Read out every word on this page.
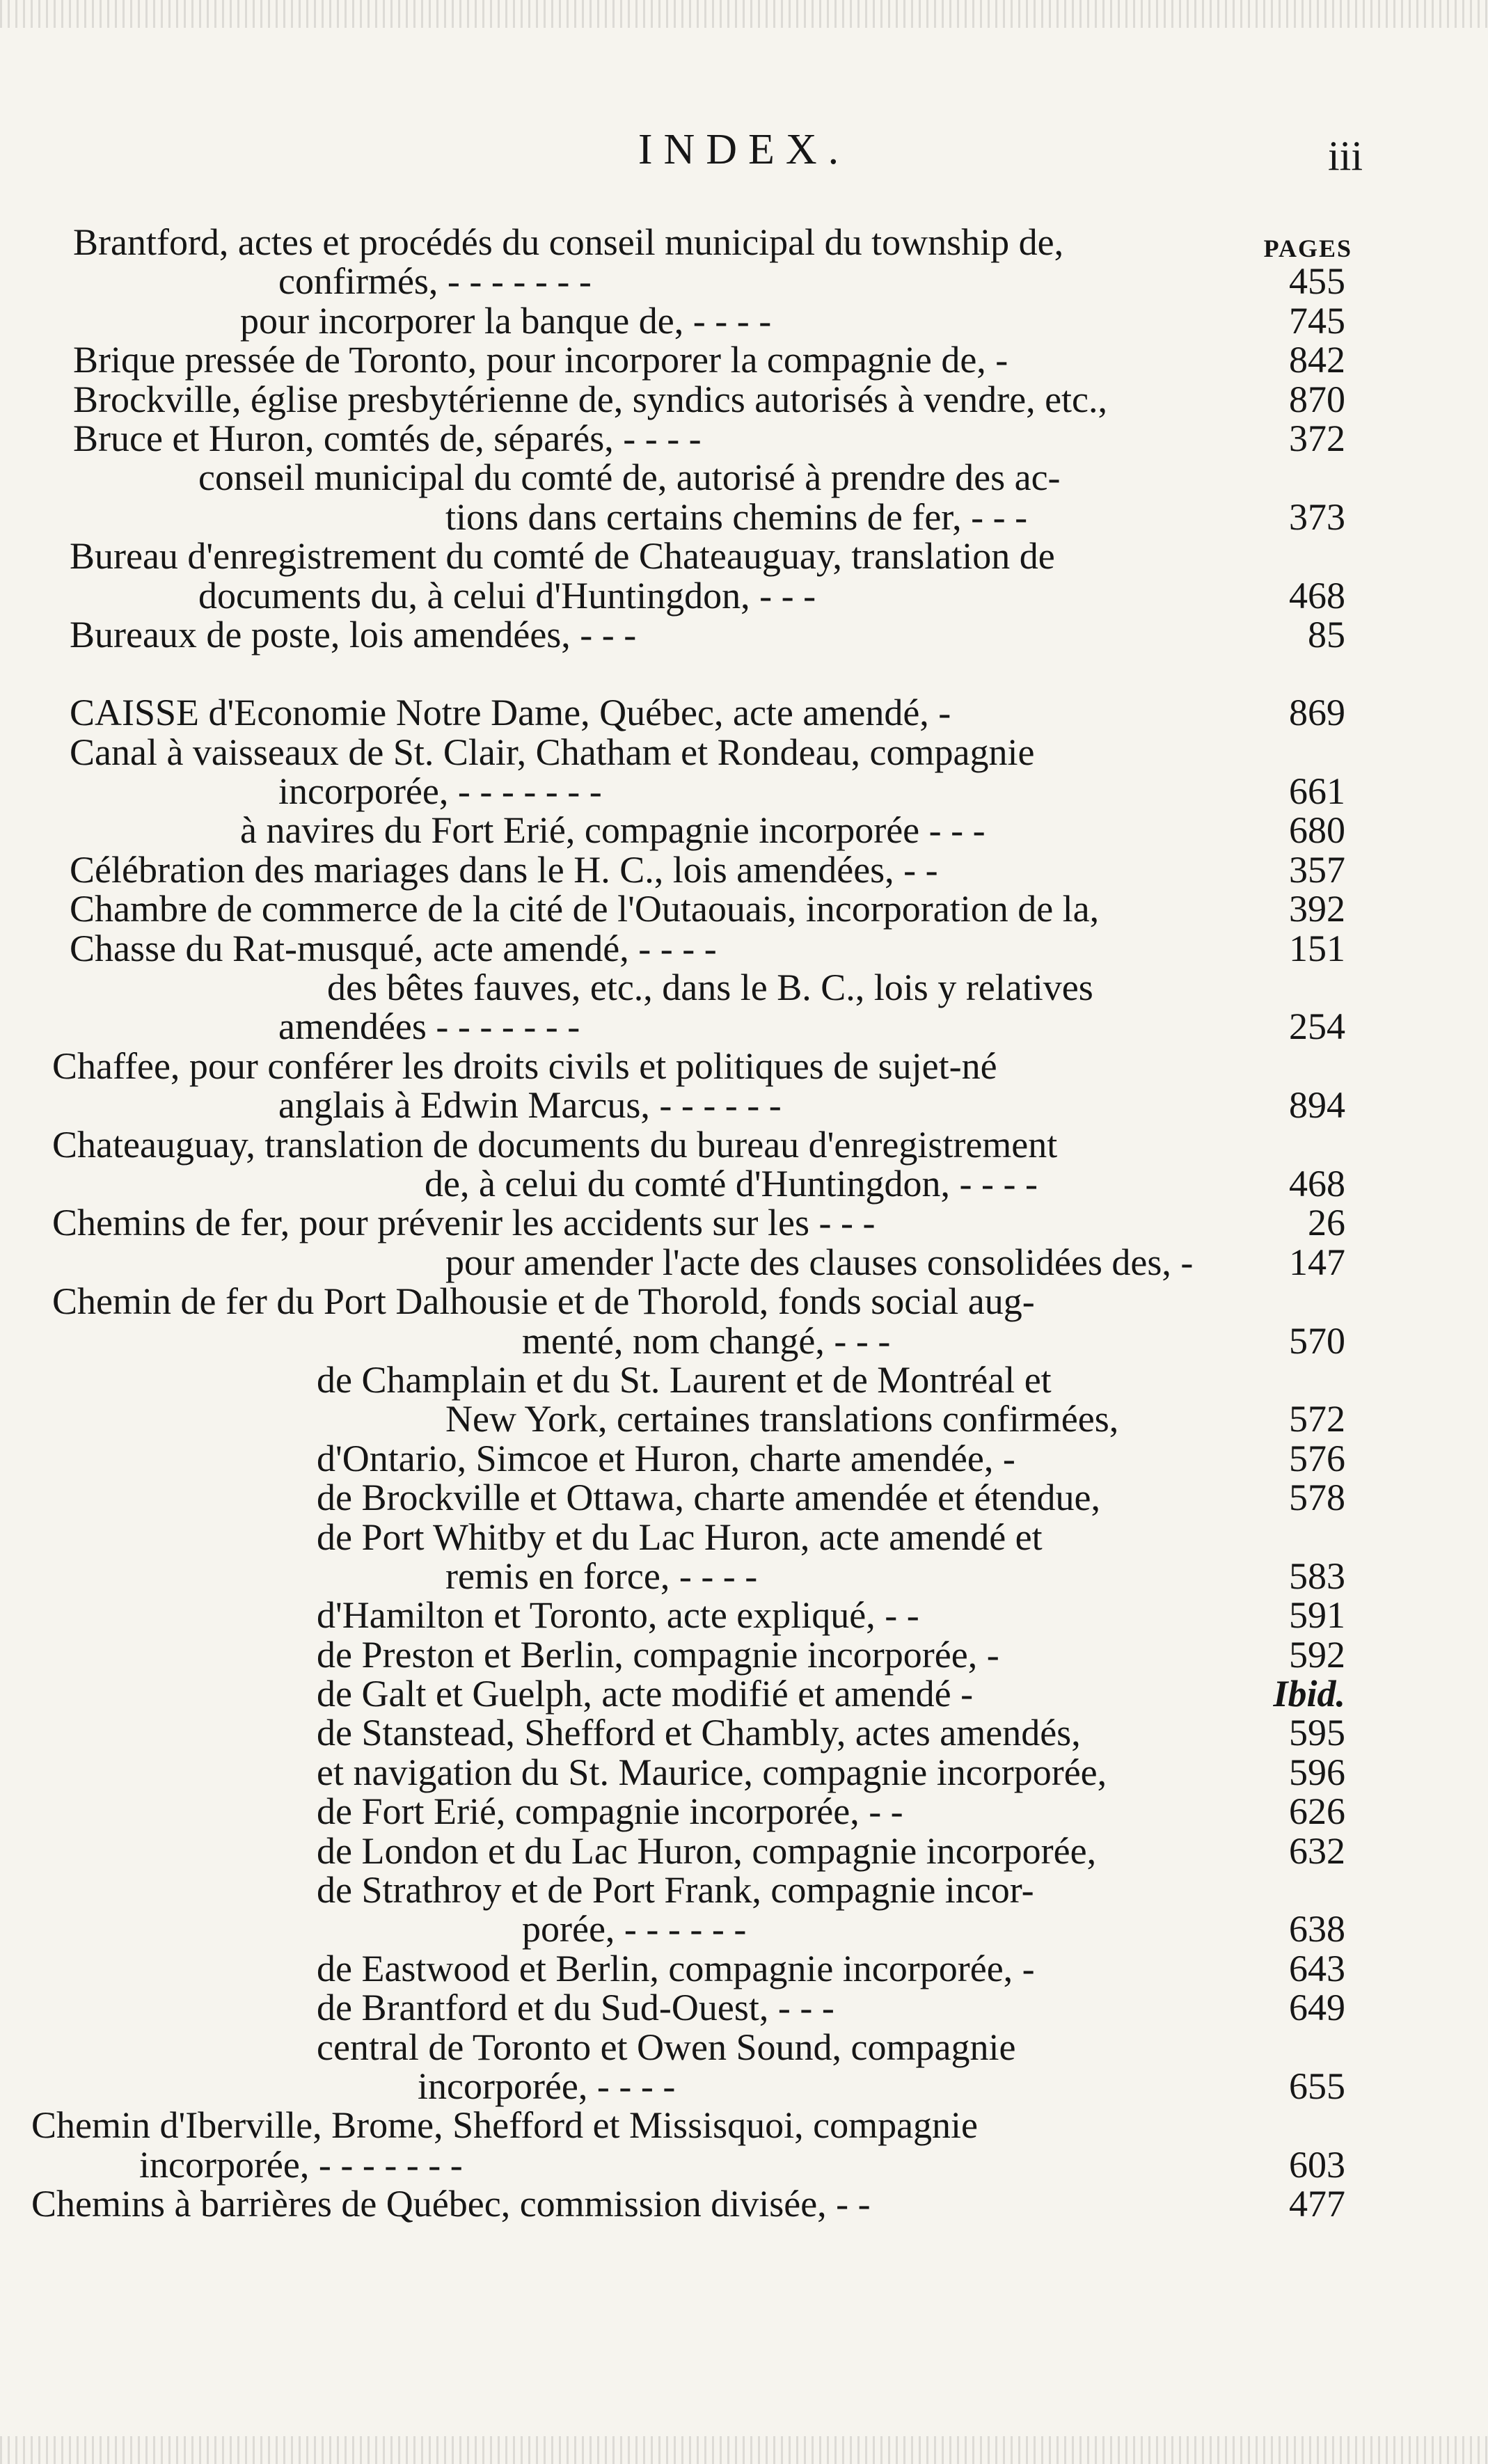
INDEX.	iii
PAGES
Brantford, actes et procédés du conseil municipal du township de,
confirmés, - - - - - - -	455
pour incorporer la banque de, - - - -	745
Brique pressée de Toronto, pour incorporer la compagnie de, -	842
Brockville, église presbytérienne de, syndics autorisés à vendre, etc.,	870
Bruce et Huron, comtés de, séparés, - - - -	372
conseil municipal du comté de, autorisé à prendre des ac-
tions dans certains chemins de fer, - - -	373
Bureau d'enregistrement du comté de Chateauguay, translation de
documents du, à celui d'Huntingdon, - - -	468
Bureaux de poste, lois amendées, - - -	85
CAISSE d'Economie Notre Dame, Québec, acte amendé, -	869
Canal à vaisseaux de St. Clair, Chatham et Rondeau, compagnie
incorporée, - - - - - - -	661
à navires du Fort Erié, compagnie incorporée - - -	680
Célébration des mariages dans le H. C., lois amendées, - -	357
Chambre de commerce de la cité de l'Outaouais, incorporation de la,	392
Chasse du Rat-musqué, acte amendé, - - - -	151
des bêtes fauves, etc., dans le B. C., lois y relatives
amendées - - - - - - -	254
Chaffee, pour conférer les droits civils et politiques de sujet-né
anglais à Edwin Marcus, - - - - - -	894
Chateauguay, translation de documents du bureau d'enregistrement
de, à celui du comté d'Huntingdon, - - - -	468
Chemins de fer, pour prévenir les accidents sur les - - -	26
pour amender l'acte des clauses consolidées des, -	147
Chemin de fer du Port Dalhousie et de Thorold, fonds social aug-
menté, nom changé, - - -	570
de Champlain et du St. Laurent et de Montréal et
New York, certaines translations confirmées,	572
d'Ontario, Simcoe et Huron, charte amendée, -	576
de Brockville et Ottawa, charte amendée et étendue,	578
de Port Whitby et du Lac Huron, acte amendé et
remis en force, - - - -	583
d'Hamilton et Toronto, acte expliqué, - -	591
de Preston et Berlin, compagnie incorporée, -	592
de Galt et Guelph, acte modifié et amendé -	Ibid.
de Stanstead, Shefford et Chambly, actes amendés,	595
et navigation du St. Maurice, compagnie incorporée,	596
de Fort Erié, compagnie incorporée, - -	626
de London et du Lac Huron, compagnie incorporée,	632
de Strathroy et de Port Frank, compagnie incor-
porée, - - - - - -	638
de Eastwood et Berlin, compagnie incorporée, -	643
de Brantford et du Sud-Ouest, - - -	649
central de Toronto et Owen Sound, compagnie
incorporée, - - - -	655
Chemin d'Iberville, Brome, Shefford et Missisquoi, compagnie
incorporée, - - - - - - -	603
Chemins à barrières de Québec, commission divisée, - -	477
